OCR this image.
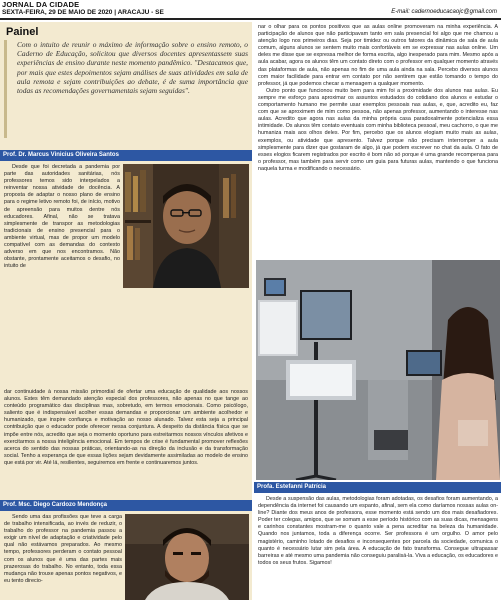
JORNAL DA CIDADE
SEXTA-FEIRA, 29 DE MAIO DE 2020 | ARACAJU - SE	E-mail: cadernoeducacaojc@gmail.com
Painel
Com o intuito de reunir o máximo de informação sobre o ensino remoto, o Caderno de Educação, solicitou que diversos docentes apresentassem suas experiências de ensino durante neste momento pandêmico. "Destacamos que, por mais que estes depoimentos sejam análises de suas atividades em sala de aula remota e sejam contribuições ao debate, é de suma importância que todas as recomendações governamentais sejam seguidas".
Prof. Dr. Marcus Vinicius Oliveira Santos

Desde que foi decretada a pandemia por parte das autoridades sanitárias, nós professores temos sido interpelados a reinventar nossa atividade de docência. A proposta de adaptar o nosso plano de ensino para o regime letivo remoto foi, de início, motivo de apreensão para muitos dentre nós educadores. Afinal, não se tratava simplesmente de transpor as metodologias tradicionais de ensino presencial para o ambiente virtual, mas de propor um modelo compatível com as demandas do contexto adverso em que nos encontramos. Não obstante, prontamente aceitamos o desafio, no intuito de

dar continuidade à nossa missão primordial de ofertar uma educação de qualidade aos nossos alunos. Estes têm demandado atenção especial dos professores, não apenas no que tange ao conteúdo programático das disciplinas mas, sobretudo, em termos emocionais. Como psicólogo, saliento que é indispensável acolher essas demandas e proporcionar um ambiente acolhedor e humanizado, que inspire confiança e motivação ao nosso alunado. Talvez esta seja a principal contribuição que o educador pode oferecer nessa conjuntura. A despeito da distância física que se impõe entre nós, acredito que seja o momento oportuno para estreitarmos nossos vínculos afetivos e exercitarmos a nossa inteligência emocional. Em tempos de crise é fundamental promover reflexões acerca do sentido das nossas práticas, orientando-as na direção da inclusão e da transformação social. Tenho a esperança de que essas lições sejam devidamente assimiladas ao modelo de ensino que está por vir. Até lá, resilientes, seguiremos em frente e continuaremos juntos.

Prof. Msc. Diego Cardozo Mendonça

Sendo uma das profissões que teve a carga de trabalho intensificada, ao invés de reduzir, o trabalho do professor na pandemia passou a exigir um nível de adaptação e criatividade pelo qual não estávamos preparados. Ao mesmo tempo, professores perderam o contato pessoal com os alunos que é uma das partes mais prazerosas do trabalho. No entanto, toda essa mudança não trouxe apenas pontos negativos, e eu tento direcio-

nar o olhar para os pontos positivos que as aulas online promoveram na minha experiência. A participação de alunos que não participavam tanto em sala presencial foi algo que me chamou a atenção logo nos primeiros dias. Seja por timidez ou outros fatores da dinâmica de sala de aula comum, alguns alunos se sentem muito mais confortáveis em se expressar nas aulas online. Um deles me disse que se expressa melhor de forma escrita, algo inesperado para mim. Mesmo após a aula acabar, agora os alunos têm um contato direto com o professor em qualquer momento através das plataformas de aula, não apenas no fim de uma aula ainda na sala. Percebo diversos alunos com maior facilidade para entrar em contato por não sentirem que estão tomando o tempo do professor, já que podemos checar a mensagem a qualquer momento.

Outro ponto que funcionou muito bem para mim foi a proximidade dos alunos nas aulas. Eu sempre me esforço para aproximar os assuntos estudados do cotidiano dos alunos e estudar o comportamento humano me permite usar exemplos pessoais nas aulas, e, que, acredito eu, faz com que se aproximem de mim como pessoa, não apenas professor, aumentando o interesse nas aulas. Acredito que agora nas aulas da minha própria casa paradoxalmente potencializa essa intimidade. Os alunos têm contato eventuais com minha biblioteca pessoal, meu cachorro, o que me humaniza mais aos olhos deles. Por fim, percebo que os alunos elogiam muito mais as aulas, exemplos, ou atividade que apresento. Talvez porque não precisam interromper a aula simplesmente para dizer que gostaram de algo, já que podem escrever no chat da aula. O fato de esses elogios ficarem registrados por escrito é bom não só porque é uma grande recompensa para o professor, mas também para servir como um guia para futuras aulas, mantendo o que funciona naquela turma e modificando o necessário.

Profa. Estefanni Patrícia

Desde a suspensão das aulas, metodologias foram adotadas, os desafios foram aumentando, a dependência da internet foi causando um espanto, afinal, sem ela como daríamos nossas aulas on-line? Diante dos meus anos de professora, esse momento está sendo um dos mais desafiadores. Poder ter colegas, amigos, que se somam a esse período histórico com as suas dicas, mensagens e carinhos constantes mostram-me o quanto vale a pena acreditar na beleza da humanidade. Quando nos juntamos, toda a diferença ocorre. Ser professora é um orgulho. O amor pelo magistério, caminho lotado de desafios e inconsequentes por parcela da sociedade, comunica o quanto é necessário lutar sim pela área. A educação de fato transforma. Consegue ultrapassar barreiras e até mesmo uma pandemia não conseguiu paralisá-la. Viva a educação, os educadores e todos os seus frutos. Sigamos!
